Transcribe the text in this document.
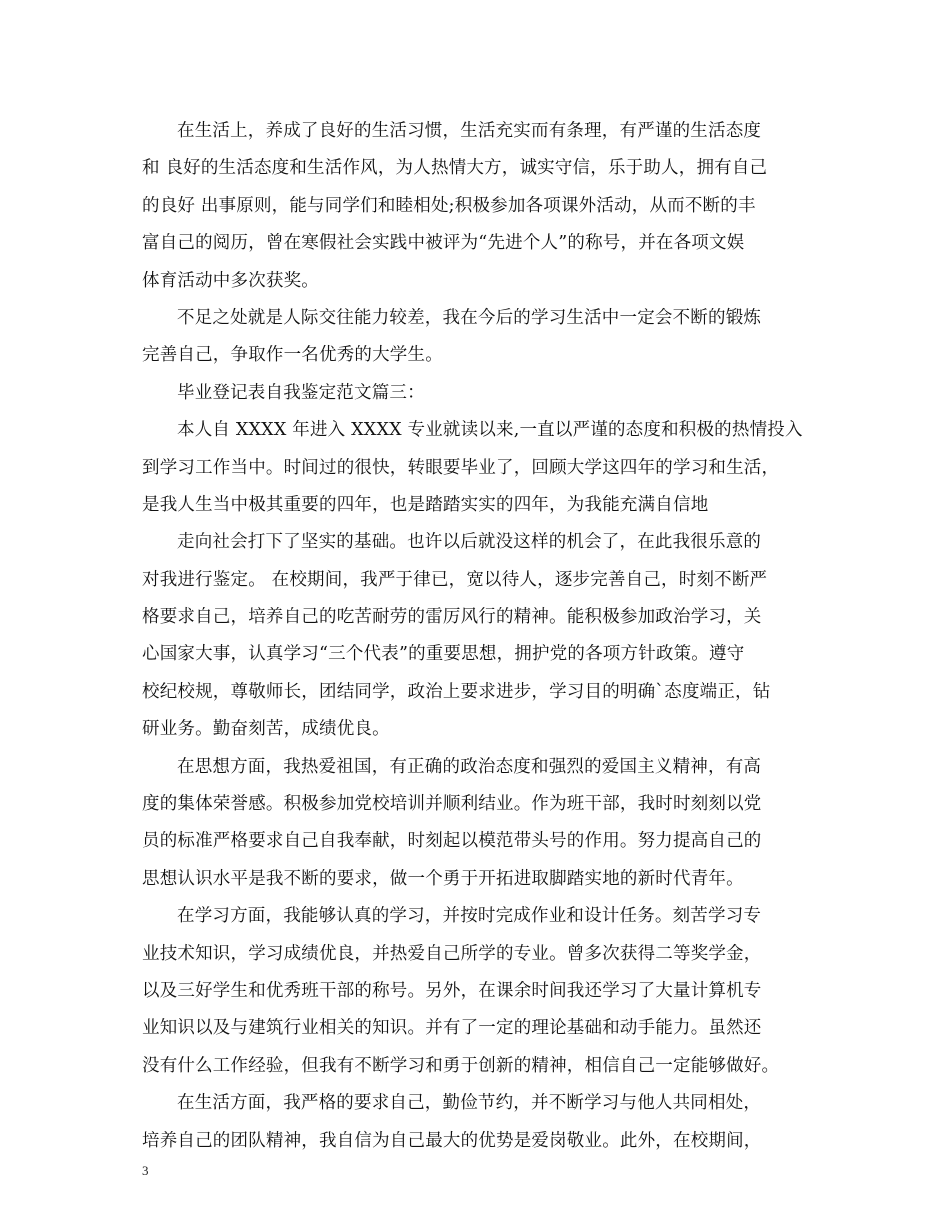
在生活上，养成了良好的生活习惯，生活充实而有条理，有严谨的生活态度
和 良好的生活态度和生活作风，为人热情大方，诚实守信，乐于助人，拥有自己
的良好 出事原则，能与同学们和睦相处;积极参加各项课外活动，从而不断的丰
富自己的阅历，曾在寒假社会实践中被评为“先进个人”的称号，并在各项文娱
体育活动中多次获奖。
不足之处就是人际交往能力较差，我在今后的学习生活中一定会不断的锻炼
完善自己，争取作一名优秀的大学生。
毕业登记表自我鉴定范文篇三：
本人自 XXXX 年进入 XXXX 专业就读以来,一直以严谨的态度和积极的热情投入
到学习工作当中。时间过的很快，转眼要毕业了，回顾大学这四年的学习和生活，
是我人生当中极其重要的四年，也是踏踏实实的四年，为我能充满自信地
走向社会打下了坚实的基础。也许以后就没这样的机会了，在此我很乐意的
对我进行鉴定。 在校期间，我严于律已，宽以待人，逐步完善自己，时刻不断严
格要求自己，培养自己的吃苦耐劳的雷厉风行的精神。能积极参加政治学习，关
心国家大事，认真学习“三个代表”的重要思想，拥护党的各项方针政策。遵守
校纪校规，尊敬师长，团结同学，政治上要求进步，学习目的明确`态度端正，钻
研业务。勤奋刻苦，成绩优良。
在思想方面，我热爱祖国，有正确的政治态度和强烈的爱国主义精神，有高
度的集体荣誉感。积极参加党校培训并顺利结业。作为班干部，我时时刻刻以党
员的标准严格要求自己自我奉献，时刻起以模范带头号的作用。努力提高自己的
思想认识水平是我不断的要求，做一个勇于开拓进取脚踏实地的新时代青年。
在学习方面，我能够认真的学习，并按时完成作业和设计任务。刻苦学习专
业技术知识，学习成绩优良，并热爱自己所学的专业。曾多次获得二等奖学金，
以及三好学生和优秀班干部的称号。另外，在课余时间我还学习了大量计算机专
业知识以及与建筑行业相关的知识。并有了一定的理论基础和动手能力。虽然还
没有什么工作经验，但我有不断学习和勇于创新的精神，相信自己一定能够做好。
在生活方面，我严格的要求自己，勤俭节约，并不断学习与他人共同相处，
培养自己的团队精神，我自信为自己最大的优势是爱岗敬业。此外，在校期间，
3
